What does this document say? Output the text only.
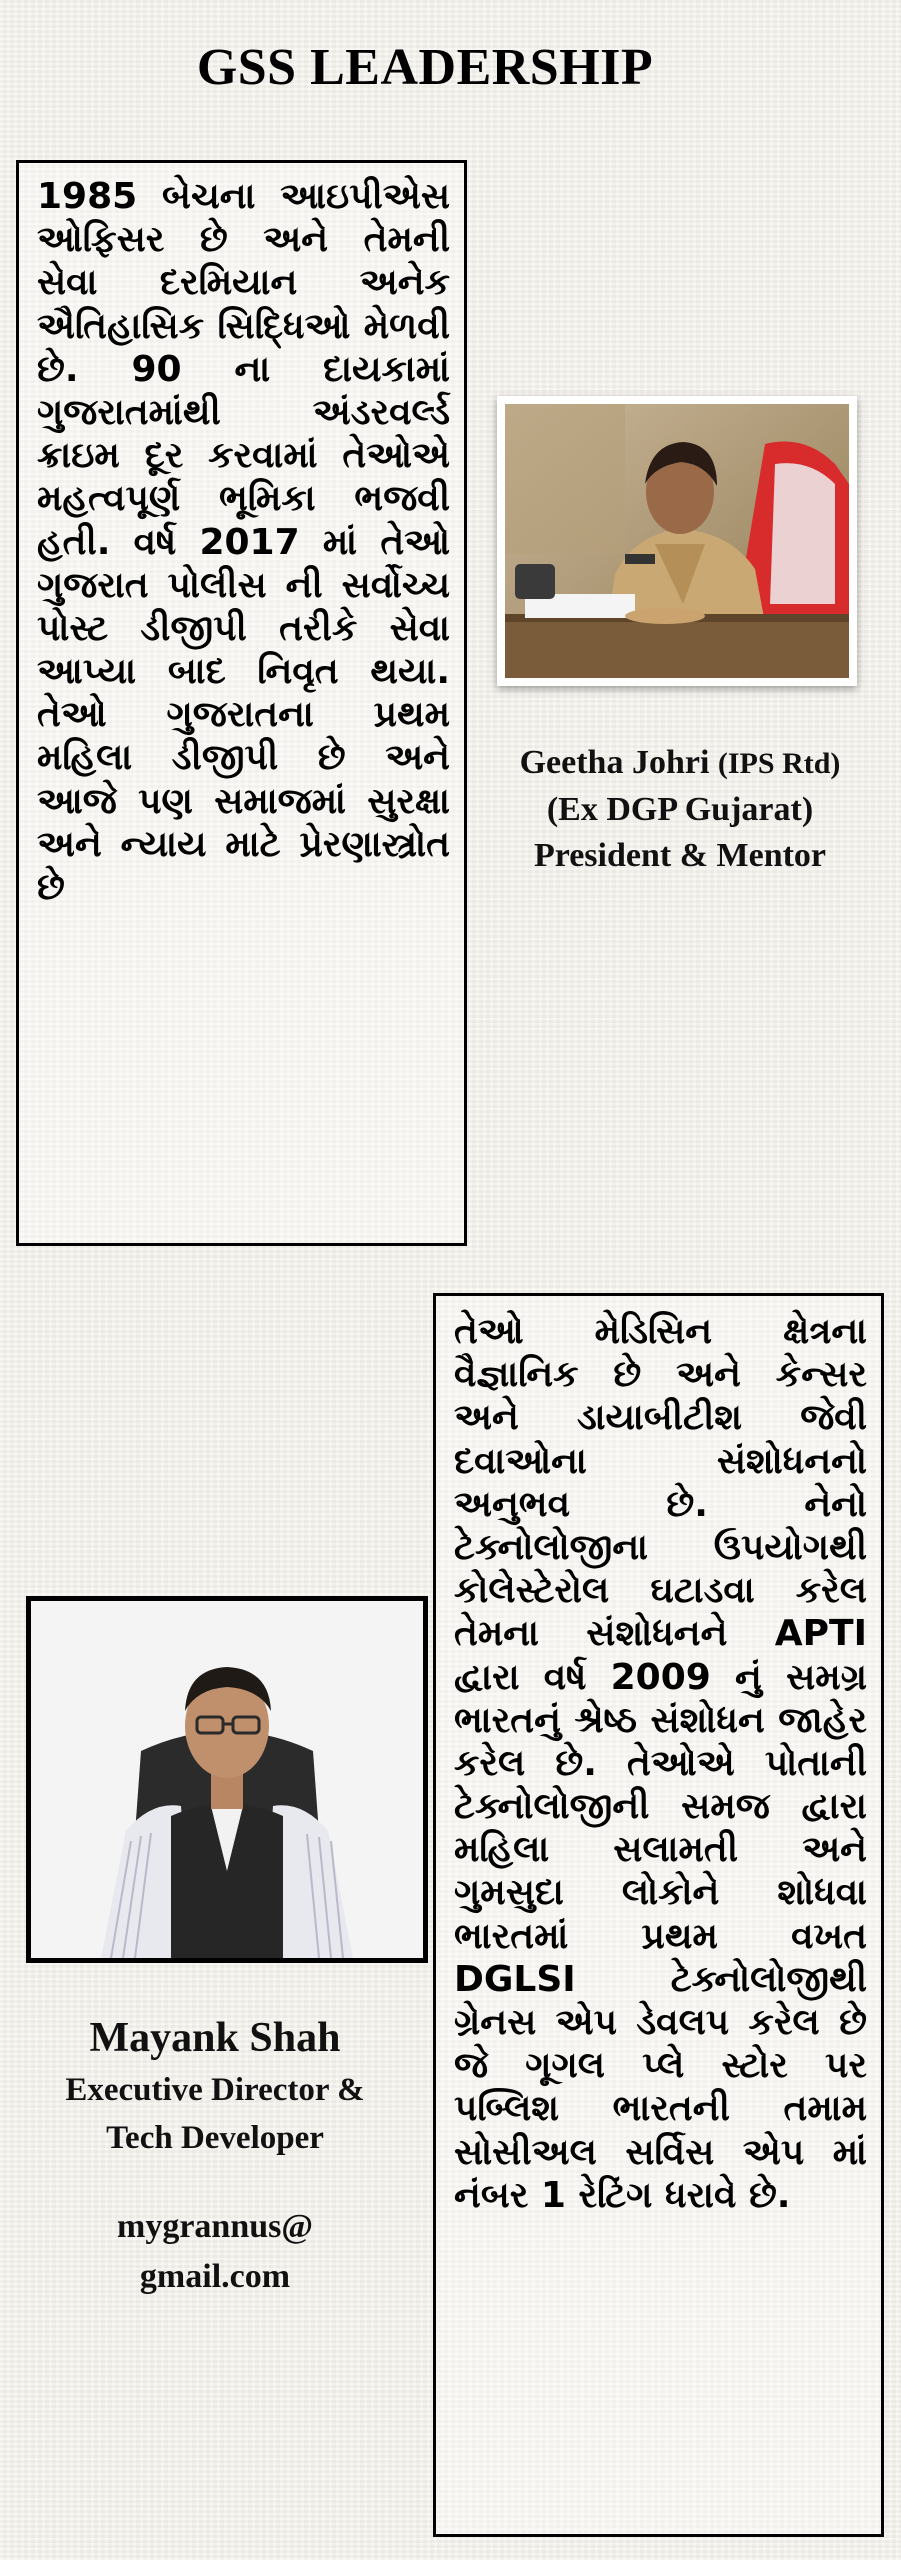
GSS LEADERSHIP
1985 બેચના આઇપીએસ ઓફિસર છે અને તેમની સેવા દરમિયાન અનેક ઐતિહાસિક સિદ્ધિઓ મેળવી છે. 90 ના દાયકામાં ગુજરાતમાંથી અંડરવર્લ્ડ ક્રાઇમ દૂર કરવામાં તેઓએ મહત્વપૂર્ણ ભૂમિકા ભજવી હતી. વર્ષ 2017 માં તેઓ ગુજરાત પોલીસ ની સર્વોચ્ચ પોસ્ટ ડીજીપી તરીકે સેવા આપ્યા બાદ નિવૃત થયા. તેઓ ગુજરાતના પ્રથમ મહિલા ડીજીપી છે અને આજે પણ સમાજમાં સુરક્ષા અને ન્યાય માટે પ્રેરણાસ્ત્રોત છે
Geetha Johri (IPS Rtd)
(Ex DGP Gujarat)
President & Mentor
તેઓ મેડિસિન ક્ષેત્રના વૈજ્ઞાનિક છે અને કેન્સર અને ડાયાબીટીશ જેવી દવાઓના સંશોધનનો અનુભવ છે. નેનો ટેક્નોલોજીના ઉપયોગથી કોલેસ્ટેરોલ ઘટાડવા કરેલ તેમના સંશોધનને APTI દ્વારા વર્ષ 2009 નું સમગ્ર ભારતનું શ્રેષ્ઠ સંશોધન જાહેર કરેલ છે. તેઓએ પોતાની ટેક્નોલોજીની સમજ દ્વારા મહિલા સલામતી અને ગુમસુદા લોકોને શોધવા ભારતમાં પ્રથમ વખત DGLSI ટેક્નોલોજીથી ગ્રેનસ એપ ડેવલપ કરેલ છે જે ગૂગલ પ્લે સ્ટોર પર પબ્લિશ ભારતની તમામ સોસીઅલ સર્વિસ એપ માં નંબર 1 રેટિંગ ધરાવે છે.
Mayank Shah
Executive Director &
Tech Developer
mygrannus@
gmail.com
